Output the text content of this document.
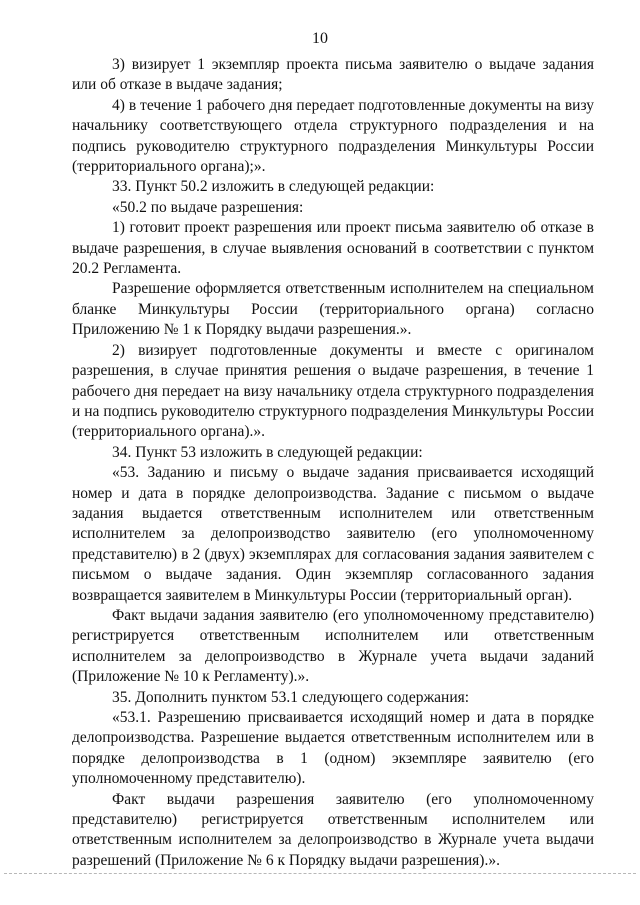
10

3) визирует 1 экземпляр проекта письма заявителю о выдаче задания или об отказе в выдаче задания;

4) в течение 1 рабочего дня передает подготовленные документы на визу начальнику соответствующего отдела структурного подразделения и на подпись руководителю структурного подразделения Минкультуры России (территориального органа);».

33. Пункт 50.2 изложить в следующей редакции:

«50.2 по выдаче разрешения:

1) готовит проект разрешения или проект письма заявителю об отказе в выдаче разрешения, в случае выявления оснований в соответствии с пунктом 20.2 Регламента.

Разрешение оформляется ответственным исполнителем на специальном бланке Минкультуры России (территориального органа) согласно Приложению № 1 к Порядку выдачи разрешения.».

2) визирует подготовленные документы и вместе с оригиналом разрешения, в случае принятия решения о выдаче разрешения, в течение 1 рабочего дня передает на визу начальнику отдела структурного подразделения и на подпись руководителю структурного подразделения Минкультуры России (территориального органа).».

34. Пункт 53 изложить в следующей редакции:

«53. Заданию и письму о выдаче задания присваивается исходящий номер и дата в порядке делопроизводства. Задание с письмом о выдаче задания выдается ответственным исполнителем или ответственным исполнителем за делопроизводство заявителю (его уполномоченному представителю) в 2 (двух) экземплярах для согласования задания заявителем с письмом о выдаче задания. Один экземпляр согласованного задания возвращается заявителем в Минкультуры России (территориальный орган).

Факт выдачи задания заявителю (его уполномоченному представителю) регистрируется ответственным исполнителем или ответственным исполнителем за делопроизводство в Журнале учета выдачи заданий (Приложение № 10 к Регламенту).».

35. Дополнить пунктом 53.1 следующего содержания:

«53.1. Разрешению присваивается исходящий номер и дата в порядке делопроизводства. Разрешение выдается ответственным исполнителем или в порядке делопроизводства в 1 (одном) экземпляре заявителю (его уполномоченному представителю).

Факт выдачи разрешения заявителю (его уполномоченному представителю) регистрируется ответственным исполнителем или ответственным исполнителем за делопроизводство в Журнале учета выдачи разрешений (Приложение № 6 к Порядку выдачи разрешения).».
